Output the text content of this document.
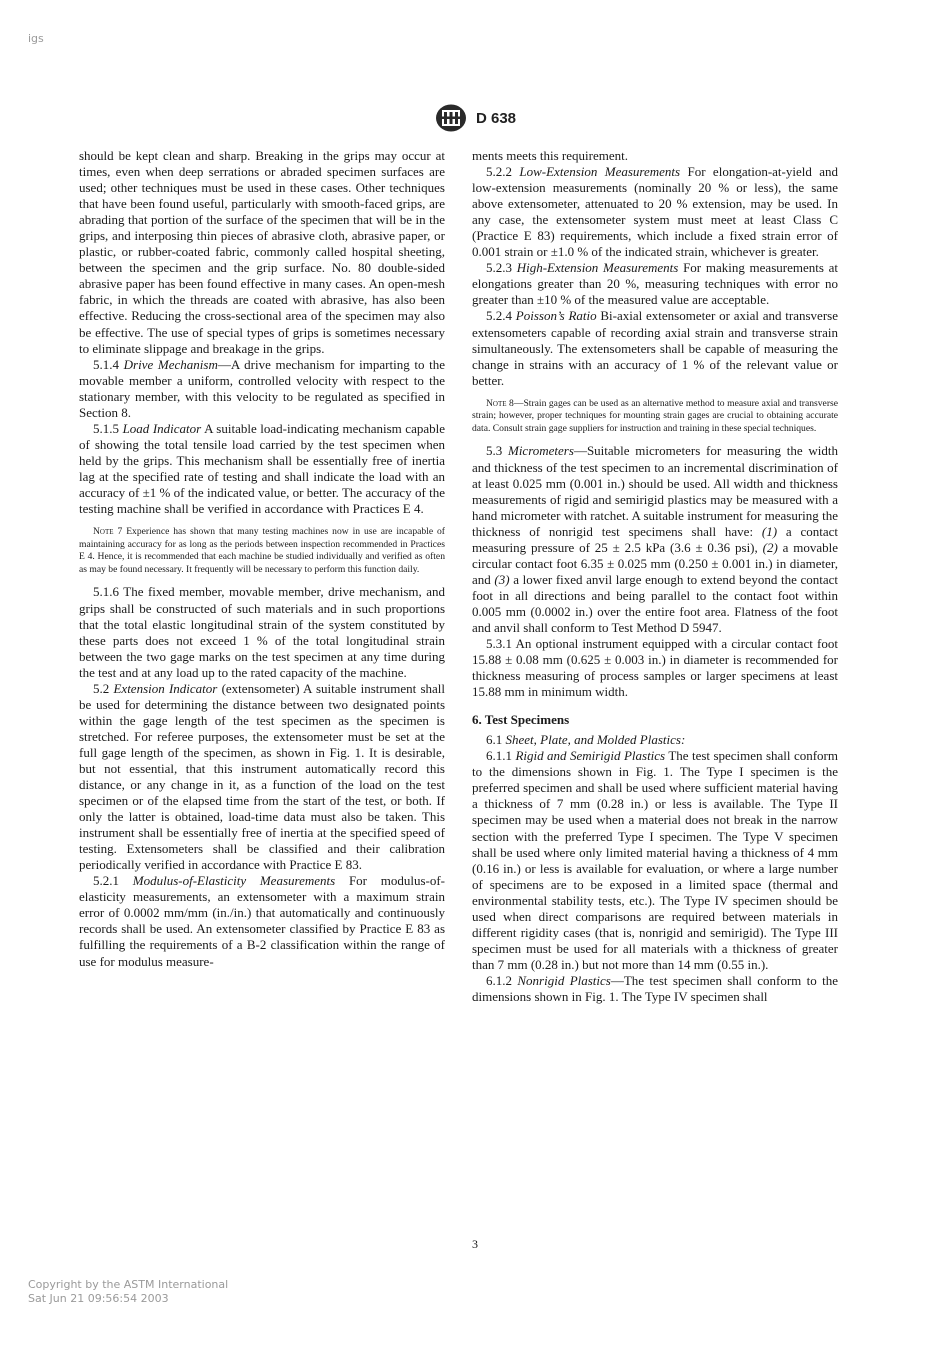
igs
D 638

should be kept clean and sharp. Breaking in the grips may occur at times, even when deep serrations or abraded specimen surfaces are used; other techniques must be used in these cases. Other techniques that have been found useful, particularly with smooth-faced grips, are abrading that portion of the surface of the specimen that will be in the grips, and interposing thin pieces of abrasive cloth, abrasive paper, or plastic, or rubber-coated fabric, commonly called hospital sheeting, between the specimen and the grip surface. No. 80 double-sided abrasive paper has been found effective in many cases. An open-mesh fabric, in which the threads are coated with abrasive, has also been effective. Reducing the cross-sectional area of the specimen may also be effective. The use of special types of grips is sometimes necessary to eliminate slippage and breakage in the grips.

5.1.4 Drive Mechanism—A drive mechanism for imparting to the movable member a uniform, controlled velocity with respect to the stationary member, with this velocity to be regulated as specified in Section 8.

5.1.5 Load Indicator A suitable load-indicating mechanism capable of showing the total tensile load carried by the test specimen when held by the grips. This mechanism shall be essentially free of inertia lag at the specified rate of testing and shall indicate the load with an accuracy of ±1 % of the indicated value, or better. The accuracy of the testing machine shall be verified in accordance with Practices E 4.

Note 7 Experience has shown that many testing machines now in use are incapable of maintaining accuracy for as long as the periods between inspection recommended in Practices E 4. Hence, it is recommended that each machine be studied individually and verified as often as may be found necessary. It frequently will be necessary to perform this function daily.

5.1.6 The fixed member, movable member, drive mechanism, and grips shall be constructed of such materials and in such proportions that the total elastic longitudinal strain of the system constituted by these parts does not exceed 1 % of the total longitudinal strain between the two gage marks on the test specimen at any time during the test and at any load up to the rated capacity of the machine.

5.2 Extension Indicator (extensometer) A suitable instrument shall be used for determining the distance between two designated points within the gage length of the test specimen as the specimen is stretched. For referee purposes, the extensometer must be set at the full gage length of the specimen, as shown in Fig. 1. It is desirable, but not essential, that this instrument automatically record this distance, or any change in it, as a function of the load on the test specimen or of the elapsed time from the start of the test, or both. If only the latter is obtained, load-time data must also be taken. This instrument shall be essentially free of inertia at the specified speed of testing. Extensometers shall be classified and their calibration periodically verified in accordance with Practice E 83.

5.2.1 Modulus-of-Elasticity Measurements For modulus-of-elasticity measurements, an extensometer with a maximum strain error of 0.0002 mm/mm (in./in.) that automatically and continuously records shall be used. An extensometer classified by Practice E 83 as fulfilling the requirements of a B-2 classification within the range of use for modulus measure-

ments meets this requirement.

5.2.2 Low-Extension Measurements For elongation-at-yield and low-extension measurements (nominally 20 % or less), the same above extensometer, attenuated to 20 % extension, may be used. In any case, the extensometer system must meet at least Class C (Practice E 83) requirements, which include a fixed strain error of 0.001 strain or ±1.0 % of the indicated strain, whichever is greater.

5.2.3 High-Extension Measurements For making measurements at elongations greater than 20 %, measuring techniques with error no greater than ±10 % of the measured value are acceptable.

5.2.4 Poisson’s Ratio Bi-axial extensometer or axial and transverse extensometers capable of recording axial strain and transverse strain simultaneously. The extensometers shall be capable of measuring the change in strains with an accuracy of 1 % of the relevant value or better.

Note 8—Strain gages can be used as an alternative method to measure axial and transverse strain; however, proper techniques for mounting strain gages are crucial to obtaining accurate data. Consult strain gage suppliers for instruction and training in these special techniques.

5.3 Micrometers—Suitable micrometers for measuring the width and thickness of the test specimen to an incremental discrimination of at least 0.025 mm (0.001 in.) should be used. All width and thickness measurements of rigid and semirigid plastics may be measured with a hand micrometer with ratchet. A suitable instrument for measuring the thickness of nonrigid test specimens shall have: (1) a contact measuring pressure of 25 ± 2.5 kPa (3.6 ± 0.36 psi), (2) a movable circular contact foot 6.35 ± 0.025 mm (0.250 ± 0.001 in.) in diameter, and (3) a lower fixed anvil large enough to extend beyond the contact foot in all directions and being parallel to the contact foot within 0.005 mm (0.0002 in.) over the entire foot area. Flatness of the foot and anvil shall conform to Test Method D 5947.

5.3.1 An optional instrument equipped with a circular contact foot 15.88 ± 0.08 mm (0.625 ± 0.003 in.) in diameter is recommended for thickness measuring of process samples or larger specimens at least 15.88 mm in minimum width.

6. Test Specimens

6.1 Sheet, Plate, and Molded Plastics:

6.1.1 Rigid and Semirigid Plastics The test specimen shall conform to the dimensions shown in Fig. 1. The Type I specimen is the preferred specimen and shall be used where sufficient material having a thickness of 7 mm (0.28 in.) or less is available. The Type II specimen may be used when a material does not break in the narrow section with the preferred Type I specimen. The Type V specimen shall be used where only limited material having a thickness of 4 mm (0.16 in.) or less is available for evaluation, or where a large number of specimens are to be exposed in a limited space (thermal and environmental stability tests, etc.). The Type IV specimen should be used when direct comparisons are required between materials in different rigidity cases (that is, nonrigid and semirigid). The Type III specimen must be used for all materials with a thickness of greater than 7 mm (0.28 in.) but not more than 14 mm (0.55 in.).

6.1.2 Nonrigid Plastics—The test specimen shall conform to the dimensions shown in Fig. 1. The Type IV specimen shall

3
Copyright by the ASTM International
Sat Jun 21 09:56:54 2003
